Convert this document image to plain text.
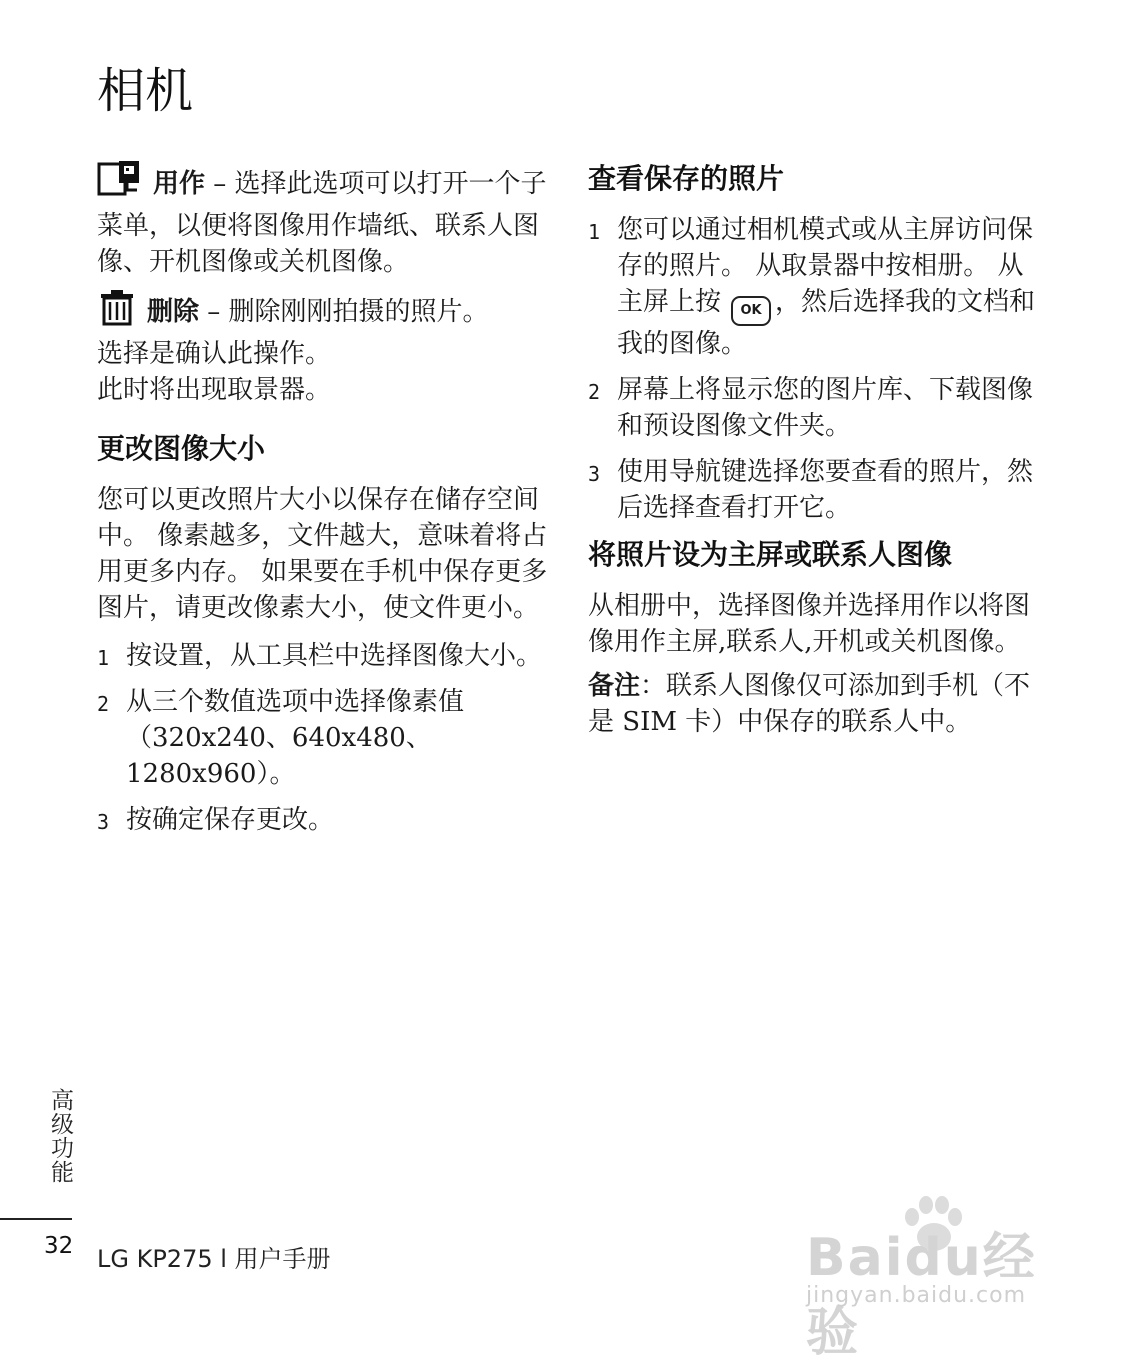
相机

用作 – 选择此选项可以打开一个子菜单，以便将图像用作墙纸、联系人图像、开机图像或关机图像。

删除 – 删除刚刚拍摄的照片。

选择是确认此操作。

此时将出现取景器。

更改图像大小

您可以更改照片大小以保存在储存空间中。 像素越多，文件越大，意味着将占用更多内存。 如果要在手机中保存更多图片，请更改像素大小，使文件更小。

1 按设置，从工具栏中选择图像大小。
2 从三个数值选项中选择像素值（320x240、640x480、1280x960）。
3 按确定保存更改。
查看保存的照片
1 您可以通过相机模式或从主屏访问保存的照片。 从取景器中按相册。 从主屏上按 OK ，然后选择我的文档和我的图像。
2 屏幕上将显示您的图片库、下载图像和预设图像文件夹。
3 使用导航键选择您要查看的照片，然后选择查看打开它。
将照片设为主屏或联系人图像

从相册中，选择图像并选择用作以将图像用作主屏,联系人,开机或关机图像。

备注：联系人图像仅可添加到手机（不是 SIM 卡）中保存的联系人中。

高级功能
32 LG KP275 l 用户手册	Baidu经验
jingyan.baidu.com
